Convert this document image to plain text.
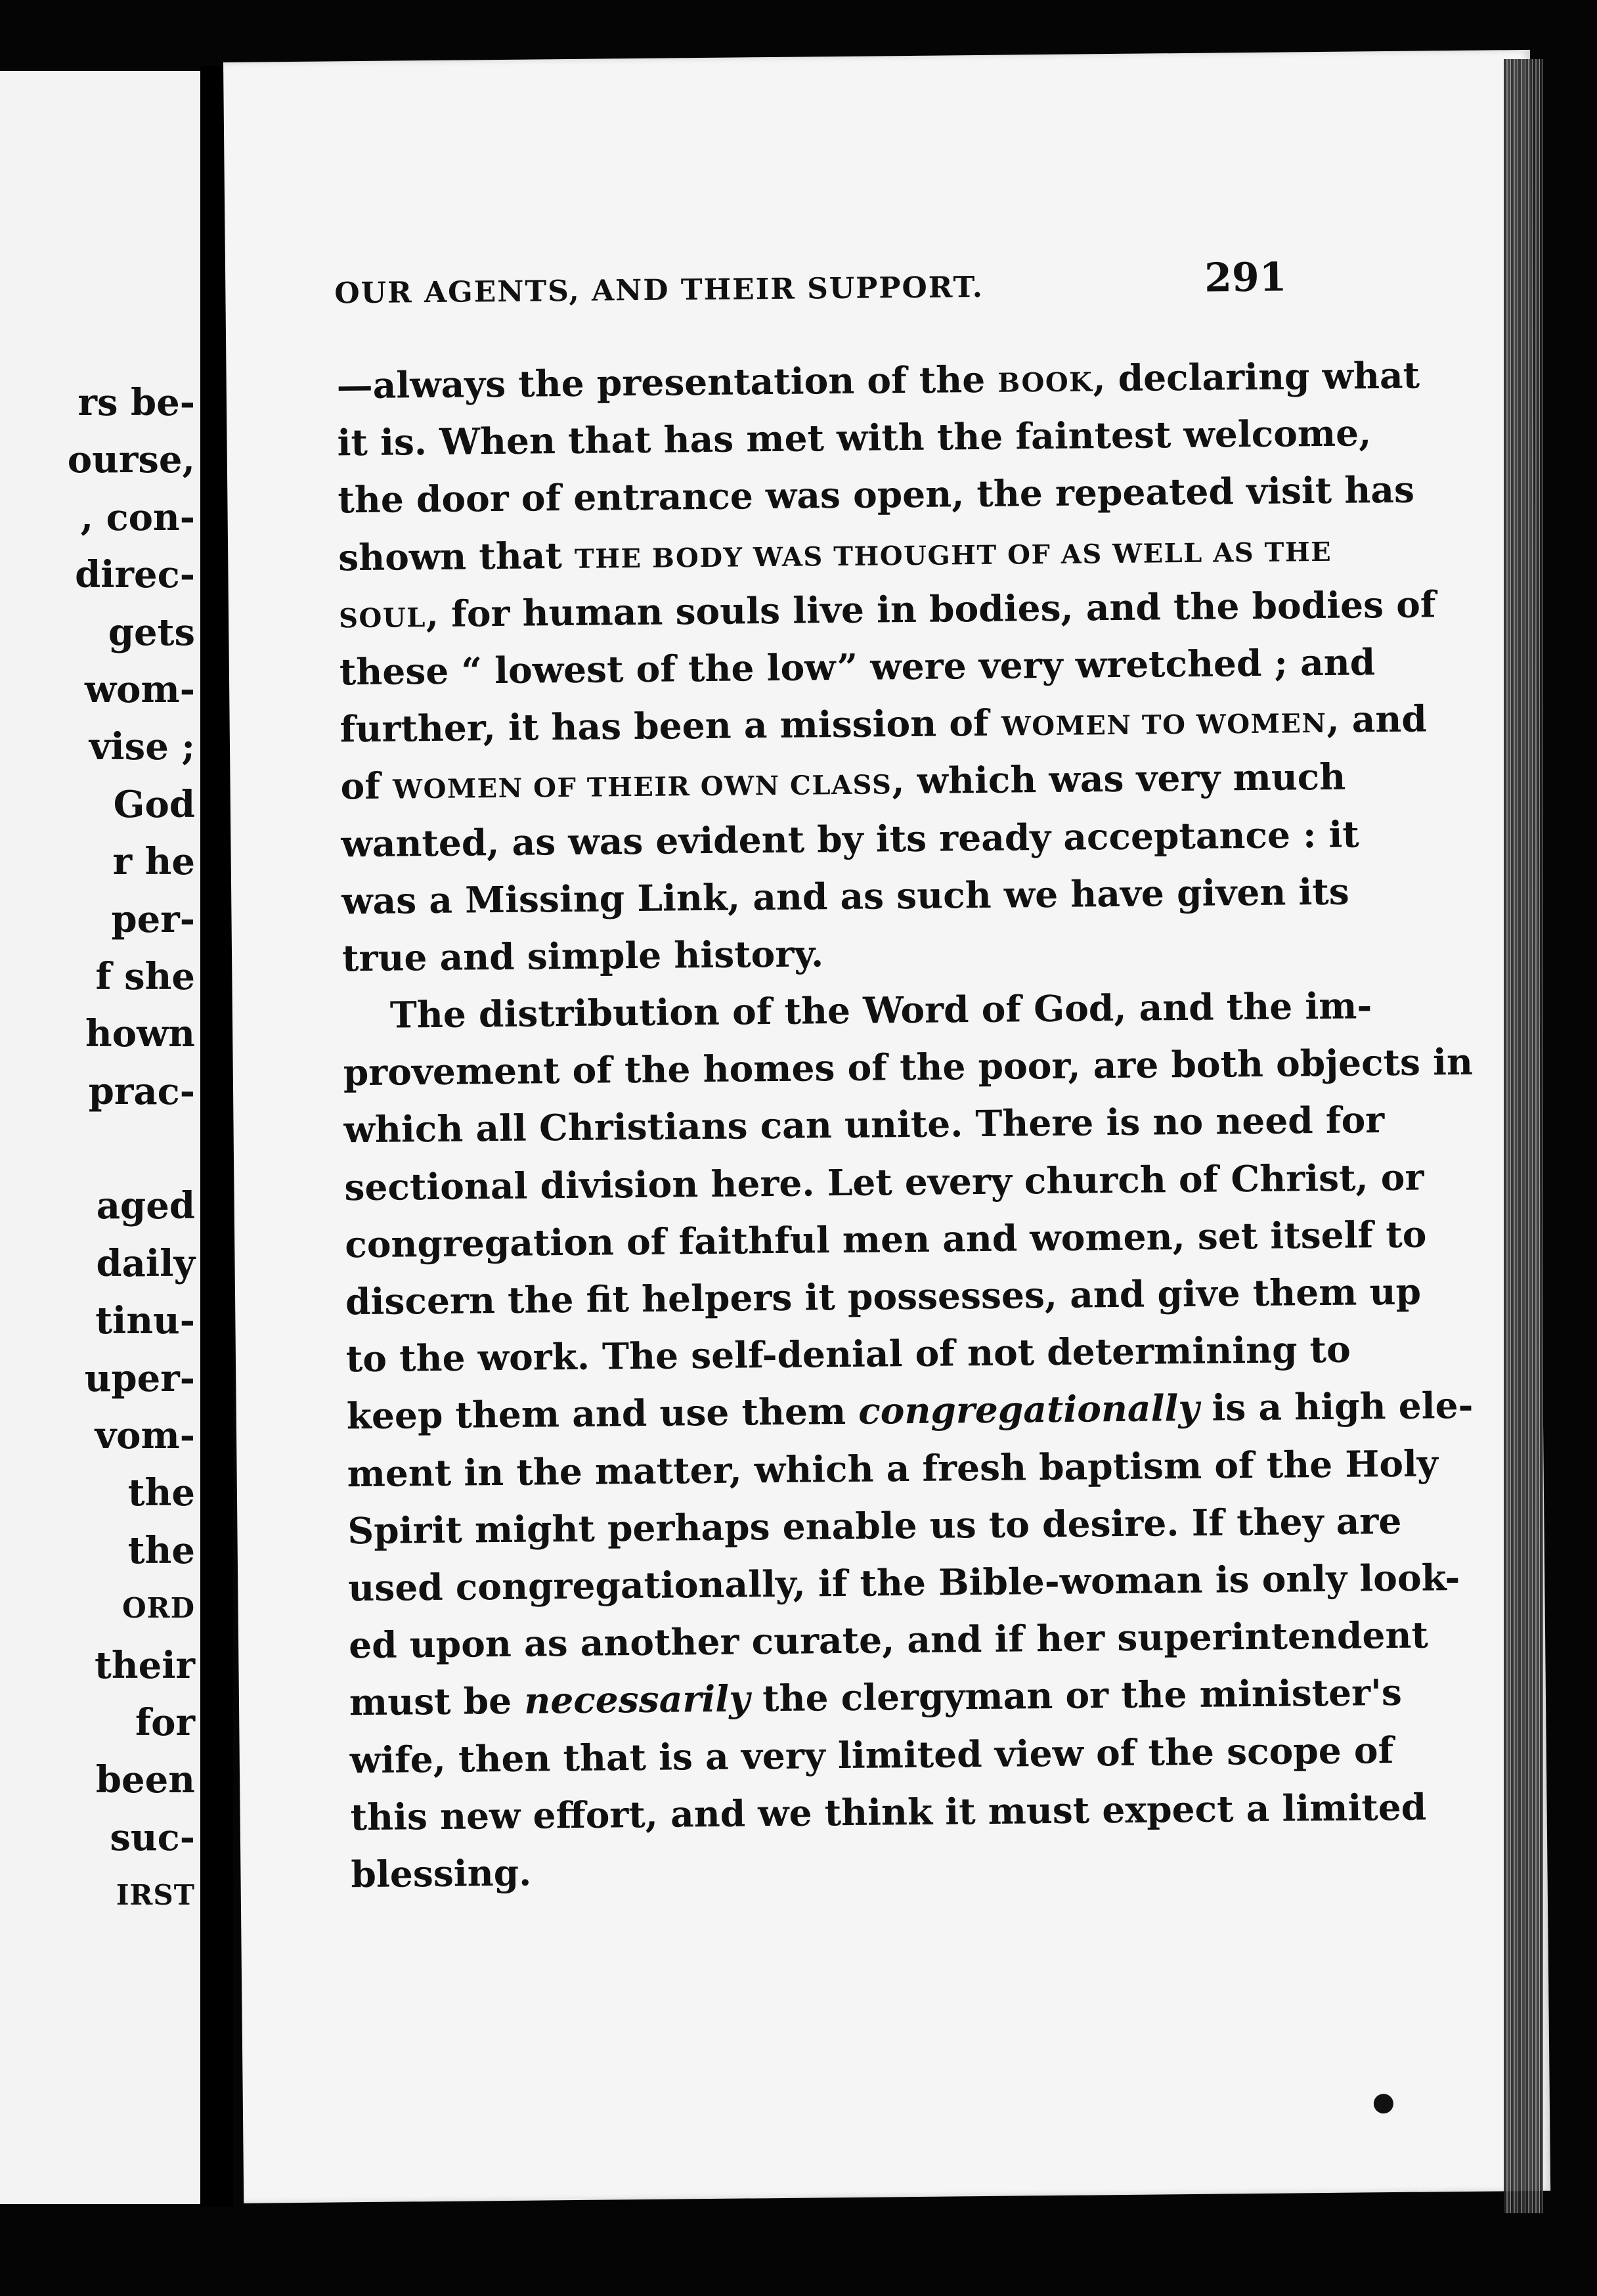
rs be-
ourse,
, con-
direc-
gets
wom-
vise ;
God
r he
per-
f she
hown
prac-
aged
daily
tinu-
uper-
vom-
the
the
ORD
their
for
been
suc-
IRST
OUR AGENTS, AND THEIR SUPPORT.	291
—always the presentation of the BOOK, declaring what
it is. When that has met with the faintest welcome,
the door of entrance was open, the repeated visit has
shown that THE BODY WAS THOUGHT OF AS WELL AS THE
SOUL, for human souls live in bodies, and the bodies of
these “ lowest of the low” were very wretched ; and
further, it has been a mission of WOMEN TO WOMEN, and
of WOMEN OF THEIR OWN CLASS, which was very much
wanted, as was evident by its ready acceptance : it
was a Missing Link, and as such we have given its
true and simple history.
The distribution of the Word of God, and the im-
provement of the homes of the poor, are both objects in
which all Christians can unite. There is no need for
sectional division here. Let every church of Christ, or
congregation of faithful men and women, set itself to
discern the fit helpers it possesses, and give them up
to the work. The self-denial of not determining to
keep them and use them congregationally is a high ele-
ment in the matter, which a fresh baptism of the Holy
Spirit might perhaps enable us to desire. If they are
used congregationally, if the Bible-woman is only look-
ed upon as another curate, and if her superintendent
must be necessarily the clergyman or the minister's
wife, then that is a very limited view of the scope of
this new effort, and we think it must expect a limited
blessing.
